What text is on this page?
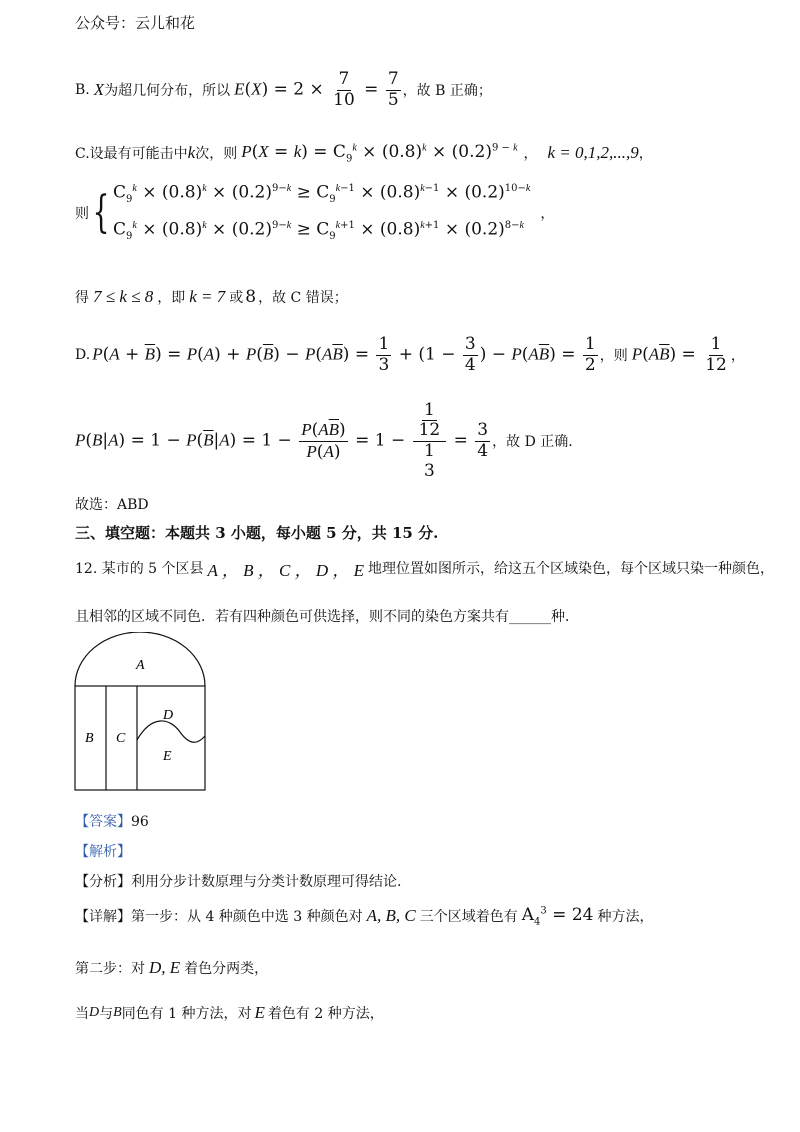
公众号：云儿和花
B. X 为超几何分布，所以 $E(X) = 2 \times \frac{7}{10} = \frac{7}{5}$ ，故 B 正确；
C.设最有可能击中 k 次，则 $P(X = k) = C_9^k \times (0.8)^k \times (0.2)^{9 - k}$ ， k = 0,1,2,...,9 ，
则 { $C_9^k \times (0.8)^k \times (0.2)^{9-k} \ge C_9^{k-1} \times (0.8)^{k-1} \times (0.2)^{10-k}$
$C_9^k \times (0.8)^k \times (0.2)^{9-k} \ge C_9^{k+1} \times (0.8)^{k+1} \times (0.2)^{8-k}$
，
得 7 ≤ k ≤ 8 ，即 k = 7 或 8 ，故 C 错误；
D. $P(A + \overline{B}) = P(A) + P(\overline{B}) - P(A\overline{B}) = \frac{1}{3} + (1 - \frac{3}{4}$ ) − $P(A\overline{B}) = \frac{1}{2}$ ，则 $P(A\overline{B}) = \frac{1}{12}$ ，
$P(B|A) = 1 - P(\overline{B}|A) = 1 - \frac{P(A\overline{B})}{P(A)} = 1 - \frac{1}{12}$
1
3
= $\frac{3}{4}$ ，故 D 正确.
故选：ABD
三、填空题：本题共 3 小题，每小题 5 分，共 15 分.
12. 某市的 5 个区县 A ， B ， C ， D ， E 地理位置如图所示，给这五个区域染色，每个区域只染一种颜色，
且相邻的区域不同色．若有四种颜色可供选择，则不同的染色方案共有______种．
A
B C
D
E
【答案】96
【解析】
【分析】利用分步计数原理与分类计数原理可得结论.
【详解】 第一步：从 4 种颜色中选 3 种颜色对 A, B, C 三个区域着色有 $A_4^3 = 24$ 种方法，
第二步：对 D, E 着色分两类，
当 D 与 B 同色有 1 种方法，对 E 着色有 2 种方法，
